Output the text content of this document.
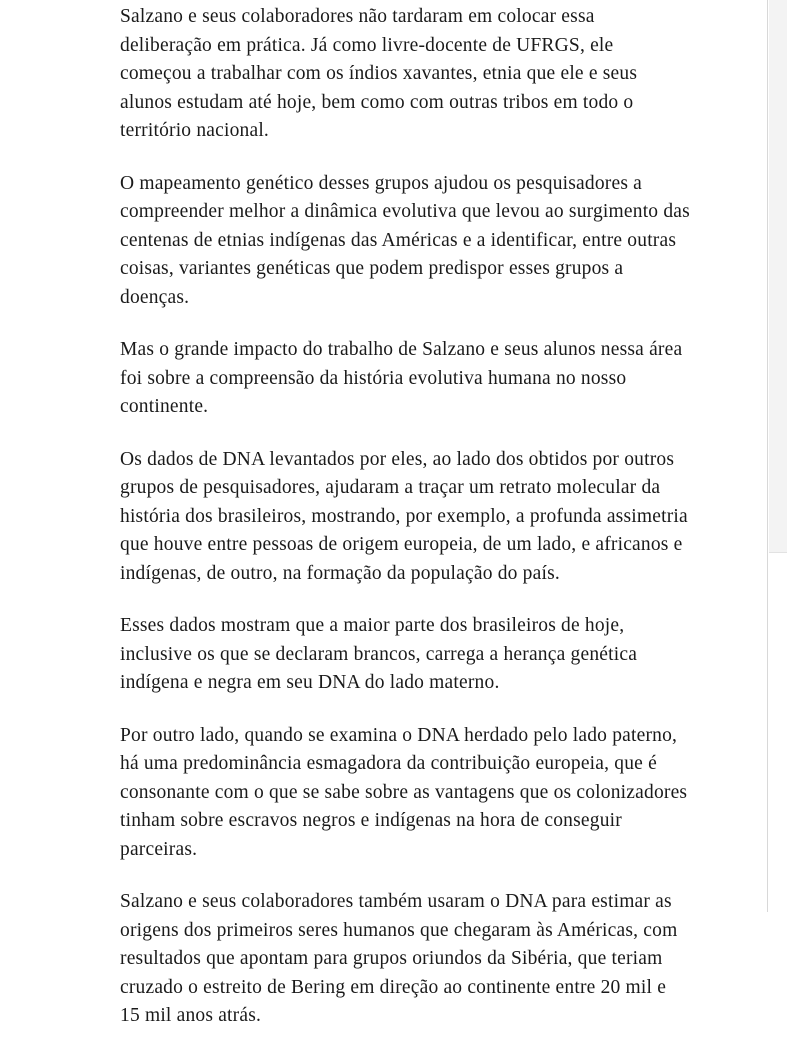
Salzano e seus colaboradores não tardaram em colocar essa deliberação em prática. Já como livre-docente de UFRGS, ele começou a trabalhar com os índios xavantes, etnia que ele e seus alunos estudam até hoje, bem como com outras tribos em todo o território nacional.

O mapeamento genético desses grupos ajudou os pesquisadores a compreender melhor a dinâmica evolutiva que levou ao surgimento das centenas de etnias indígenas das Américas e a identificar, entre outras coisas, variantes genéticas que podem predispor esses grupos a doenças.

Mas o grande impacto do trabalho de Salzano e seus alunos nessa área foi sobre a compreensão da história evolutiva humana no nosso continente.

Os dados de DNA levantados por eles, ao lado dos obtidos por outros grupos de pesquisadores, ajudaram a traçar um retrato molecular da história dos brasileiros, mostrando, por exemplo, a profunda assimetria que houve entre pessoas de origem europeia, de um lado, e africanos e indígenas, de outro, na formação da população do país.

Esses dados mostram que a maior parte dos brasileiros de hoje, inclusive os que se declaram brancos, carrega a herança genética indígena e negra em seu DNA do lado materno.

Por outro lado, quando se examina o DNA herdado pelo lado paterno, há uma predominância esmagadora da contribuição europeia, que é consonante com o que se sabe sobre as vantagens que os colonizadores tinham sobre escravos negros e indígenas na hora de conseguir parceiras.

Salzano e seus colaboradores também usaram o DNA para estimar as origens dos primeiros seres humanos que chegaram às Américas, com resultados que apontam para grupos oriundos da Sibéria, que teriam cruzado o estreito de Bering em direção ao continente entre 20 mil e 15 mil anos atrás.
